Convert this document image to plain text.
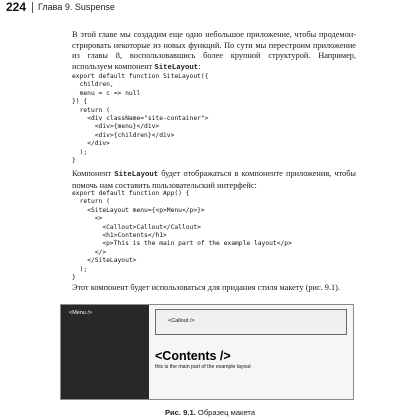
224 Глава 9. Suspense

В этой главе мы создадим еще одно небольшое приложение, чтобы продемон-стрировать некоторые из новых функций. По сути мы перестроим приложение из главы 8, воспользовавшись более крупной структурой. Например, используем компонент SiteLayout:

export default function SiteLayout({
children,
menu = c => null
}) {
return (
<div className="site-container">
<div>{menu}</div>
<div>{children}</div>
</div>
);
}

Компонент SiteLayout будет отображаться в компоненте приложения, чтобы помочь нам составить пользовательский интерфейс:

export default function App() {
return (
<SiteLayout menu={<p>Menu</p>}>
<>
<Callout>Callout</Callout>
<h1>Contents</h1>
<p>This is the main part of the example layout</p>
</>
</SiteLayout>
);
}

Этот компонент будет использоваться для придания стиля макету (рис. 9.1).

<Menu />
<Callout />
<Contents />
this is the main part of the example layout
Рис. 9.1. Образец макета
